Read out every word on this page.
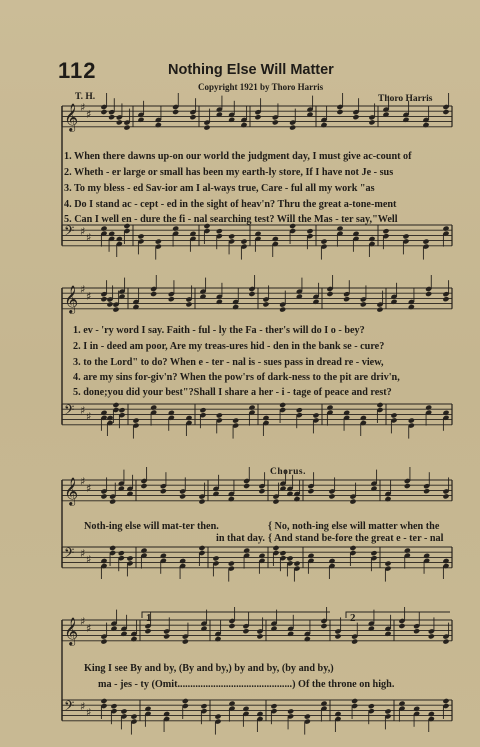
112	Nothing Else Will Matter
Copyright 1921 by Thoro Harris
T. H.	Thoro Harris
𝄞 ♯
♯
𝄢 ♯ ♯
𝄞 ♯
♯
𝄢 ♯ ♯
𝄞 ♯
♯
𝄢 ♯ ♯
𝄞 ♯
♯
𝄢 ♯ ♯
1. When there dawns up-on our world the judgment day, I must give ac-count of
2. Wheth - er large or small has been my earth-ly store, If I have not Je - sus
3. To my bless - ed Sav-ior am I al-ways true, Care - ful all my work "as
4. Do I stand ac - cept - ed in the sight of heav'n? Thru the great a-tone-ment
5. Can I well en - dure the fi - nal searching test? Will the Mas - ter say,"Well
1. ev - 'ry word I say. Faith - ful - ly the Fa - ther's will do I o - bey?
2. I in - deed am poor, Are my treas-ures hid - den in the bank se - cure?
3. to the Lord" to do? When e - ter - nal is - sues pass in dread re - view,
4. are my sins for-giv'n? When the pow'rs of dark-ness to the pit are driv'n,
5. done;you did your best"?Shall I share a her - i - tage of peace and rest?
Chorus.
Noth-ing else will mat-ter then.
in that day.
{ No, noth-ing else will matter when the
{ And stand be-fore the great e - ter - nal
King I see By and by, (By and by,) by and by, (by and by,)
ma - jes - ty (Omit.............................................) Of the throne on high.
1	2
